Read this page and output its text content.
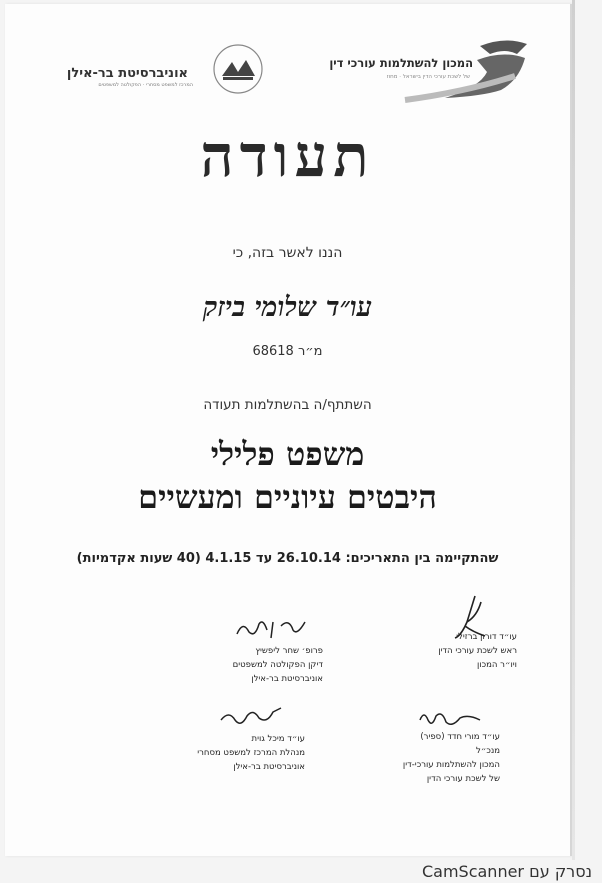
אוניברסיטת בר-אילן
המרכז למשפט מסחרי · הפקולטה למשפטים
המכון להשתלמות עורכי דין
של לשכת עורכי הדין בישראל · מחוז
תעודה
הננו לאשר בזה, כי
עו״ד שלומי ביזק
מ״ר 68618
השתתף/ה בהשתלמות תעודה
משפט פלילי
היבטים עיוניים ומעשיים
שהתקיימה בין התאריכים: 26.10.14 עד 4.1.15 (40 שעות אקדמיות)
עו״ד דורון ברזילי
ראש לשכת עורכי הדין
ויו״ר המכון
פרופ׳ שחר ליפשיץ
דיקן הפקולטה למשפטים
אוניברסיטת בר-אילן
עו״ד מורי חדד (ספיר)
מנכ״ל
המכון להשתלמות עורכי-דין
של לשכת עורכי הדין
עו״ד מיכל גוית
מנהלת המרכז למשפט מסחרי
אוניברסיטת בר-אילן
נסרק עם CamScanner
